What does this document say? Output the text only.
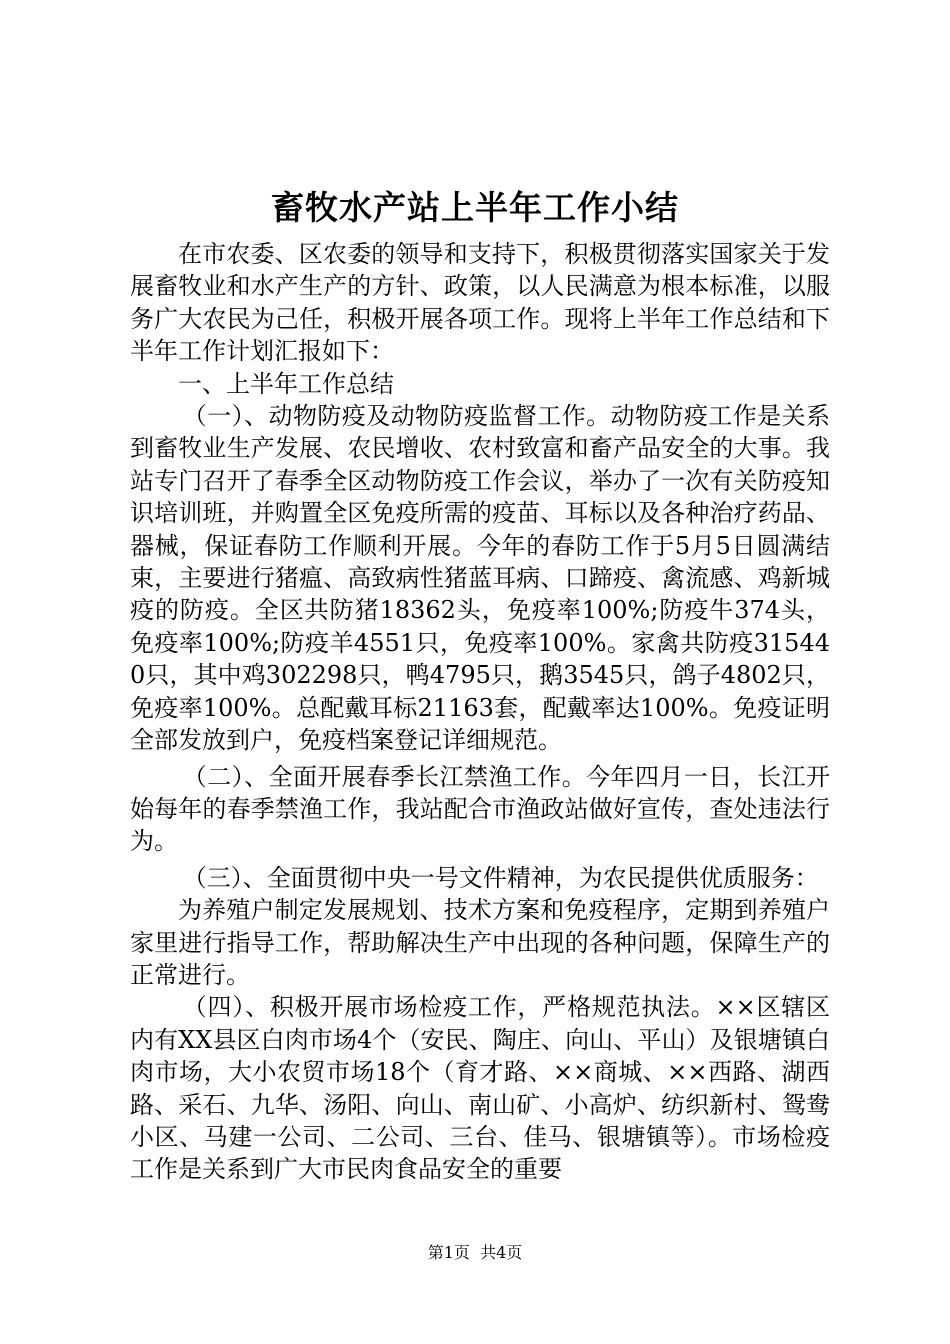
畜牧水产站上半年工作小结

在市农委、区农委的领导和支持下，积极贯彻落实国家关于发展畜牧业和水产生产的方针、政策，以人民满意为根本标准，以服务广大农民为己任，积极开展各项工作。现将上半年工作总结和下半年工作计划汇报如下：

一、上半年工作总结

（一）、动物防疫及动物防疫监督工作。动物防疫工作是关系到畜牧业生产发展、农民增收、农村致富和畜产品安全的大事。我站专门召开了春季全区动物防疫工作会议，举办了一次有关防疫知识培训班，并购置全区免疫所需的疫苗、耳标以及各种治疗药品、器械，保证春防工作顺利开展。今年的春防工作于5月5日圆满结束，主要进行猪瘟、高致病性猪蓝耳病、口蹄疫、禽流感、鸡新城疫的防疫。全区共防猪18362头，免疫率100%;防疫牛374头，免疫率100%;防疫羊4551只，免疫率100%。家禽共防疫315440只，其中鸡302298只，鸭4795只，鹅3545只，鸽子4802只，免疫率100%。总配戴耳标21163套，配戴率达100%。免疫证明全部发放到户，免疫档案登记详细规范。

（二）、全面开展春季长江禁渔工作。今年四月一日，长江开始每年的春季禁渔工作，我站配合市渔政站做好宣传，查处违法行为。

（三）、全面贯彻中央一号文件精神，为农民提供优质服务：

为养殖户制定发展规划、技术方案和免疫程序，定期到养殖户家里进行指导工作，帮助解决生产中出现的各种问题，保障生产的正常进行。

（四）、积极开展市场检疫工作，严格规范执法。××区辖区内有XX县区白肉市场4个（安民、陶庄、向山、平山）及银塘镇白肉市场，大小农贸市场18个（育才路、××商城、××西路、湖西路、采石、九华、汤阳、向山、南山矿、小高炉、纺织新村、鸳鸯小区、马建一公司、二公司、三台、佳马、银塘镇等）。市场检疫工作是关系到广大市民肉食品安全的重要

第1页  共4页
